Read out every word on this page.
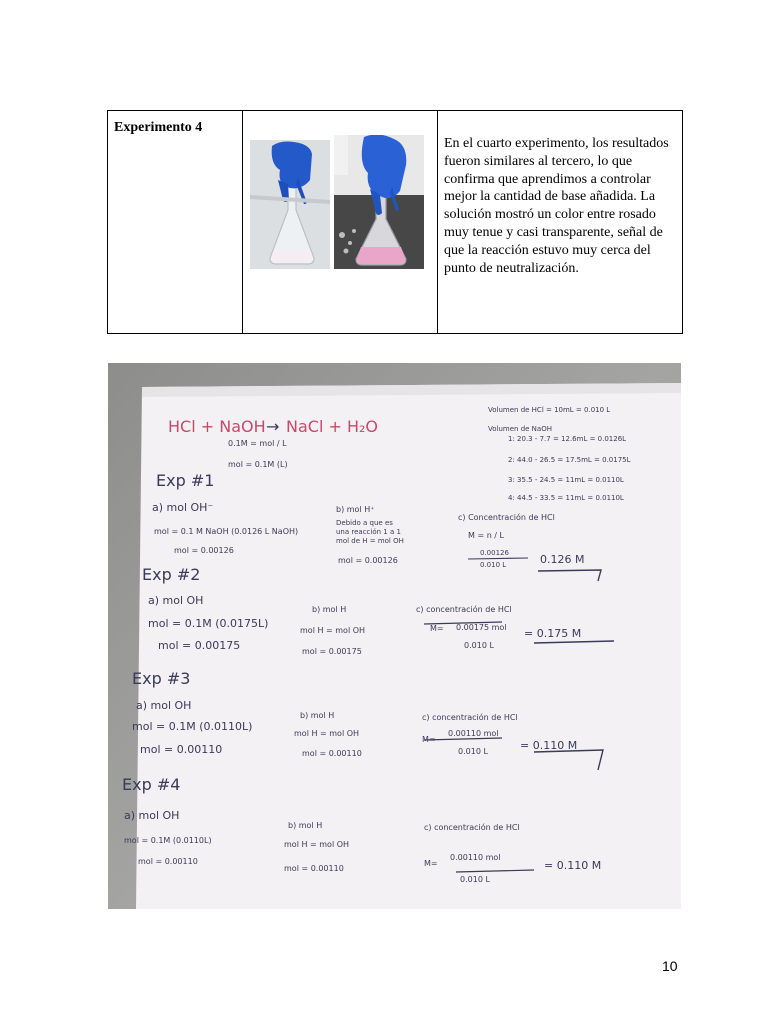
Experimento 4

En el cuarto experimento, los resultados fueron similares al tercero, lo que confirma que aprendimos a controlar mejor la cantidad de base añadida. La solución mostró un color entre rosado muy tenue y casi transparente, señal de que la reacción estuvo muy cerca del punto de neutralización.
HCl + NaOH → NaCl + H₂O
0.1M = mol / L
mol = 0.1M (L)
Volumen de HCl = 10mL = 0.010 L
Volumen de NaOH
1: 20.3 - 7.7 = 12.6mL = 0.0126L
2: 44.0 - 26.5 = 17.5mL = 0.0175L
3: 35.5 - 24.5 = 11mL = 0.0110L
4: 44.5 - 33.5 = 11mL = 0.0110L
Exp #1
a) mol OH⁻
mol = 0.1 M NaOH (0.0126 L NaOH)
mol = 0.00126
b) mol H⁺
Debido a que es
una reacción 1 a 1
mol de H = mol OH
mol = 0.00126
c) Concentración de HCl
M = n / L
0.00126
0.010 L	0.126 M
Exp #2
a) mol OH
mol = 0.1M (0.0175L)
mol = 0.00175
b) mol H
mol H = mol OH
mol = 0.00175
c) concentración de HCl
M= 0.00175 mol
0.010 L
= 0.175 M
Exp #3
a) mol OH
mol = 0.1M (0.0110L)
mol = 0.00110
b) mol H
mol H = mol OH
mol = 0.00110
c) concentración de HCl
M=
0.00110 mol
0.010 L	= 0.110 M
Exp #4
a) mol OH
mol = 0.1M (0.0110L)
mol = 0.00110
b) mol H
mol H = mol OH
mol = 0.00110
c) concentración de HCl
M=
0.00110 mol
0.010 L
= 0.110 M
10
